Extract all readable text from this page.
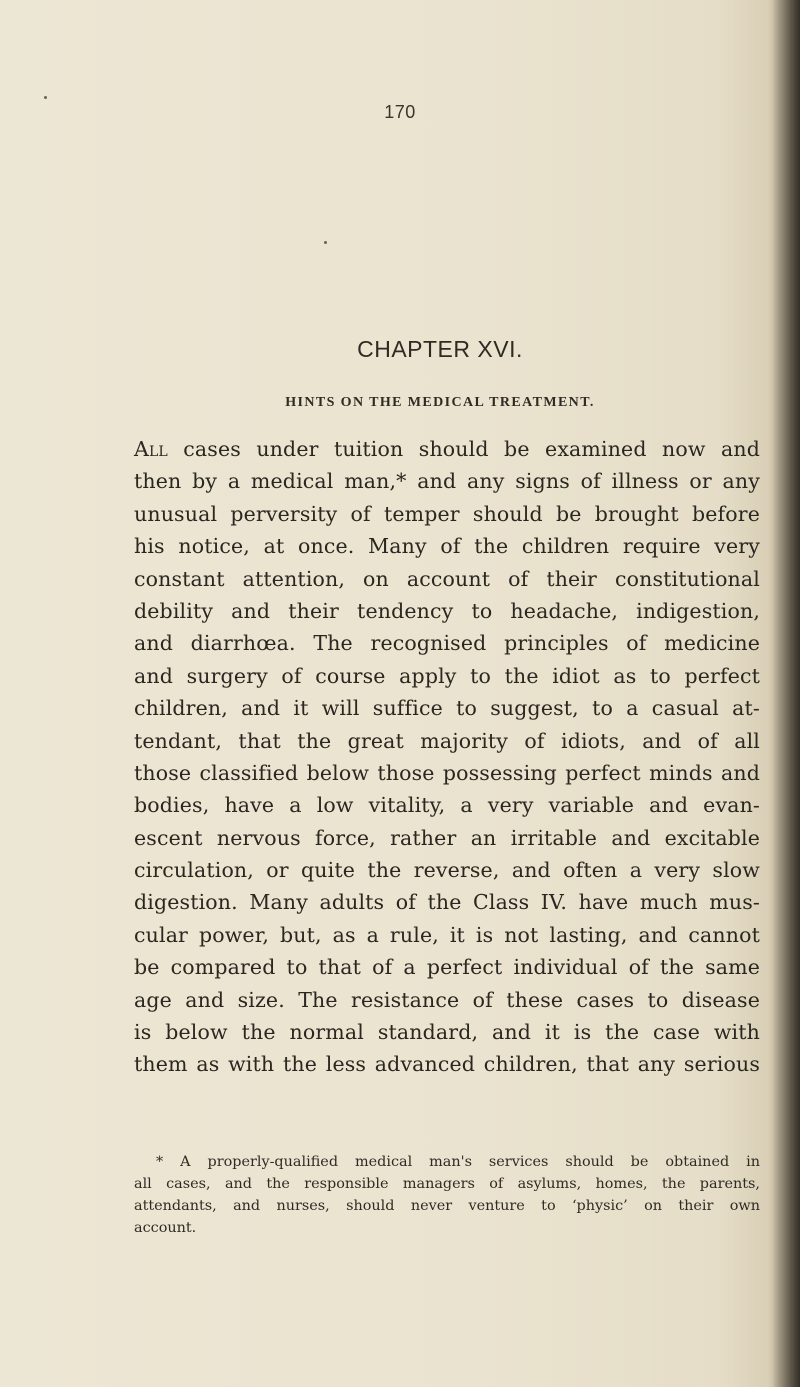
170
CHAPTER XVI.
HINTS ON THE MEDICAL TREATMENT.
All cases under tuition should be examined now and
then by a medical man,* and any signs of illness or any
unusual perversity of temper should be brought before
his notice, at once. Many of the children require very
constant attention, on account of their constitutional
debility and their tendency to headache, indigestion,
and diarrhœa. The recognised principles of medicine
and surgery of course apply to the idiot as to perfect
children, and it will suffice to suggest, to a casual at-
tendant, that the great majority of idiots, and of all
those classified below those possessing perfect minds and
bodies, have a low vitality, a very variable and evan-
escent nervous force, rather an irritable and excitable
circulation, or quite the reverse, and often a very slow
digestion. Many adults of the Class IV. have much mus-
cular power, but, as a rule, it is not lasting, and cannot
be compared to that of a perfect individual of the same
age and size. The resistance of these cases to disease
is below the normal standard, and it is the case with
them as with the less advanced children, that any serious
* A properly-qualified medical man's services should be obtained in
all cases, and the responsible managers of asylums, homes, the parents,
attendants, and nurses, should never venture to ‘physic’ on their own
account.
